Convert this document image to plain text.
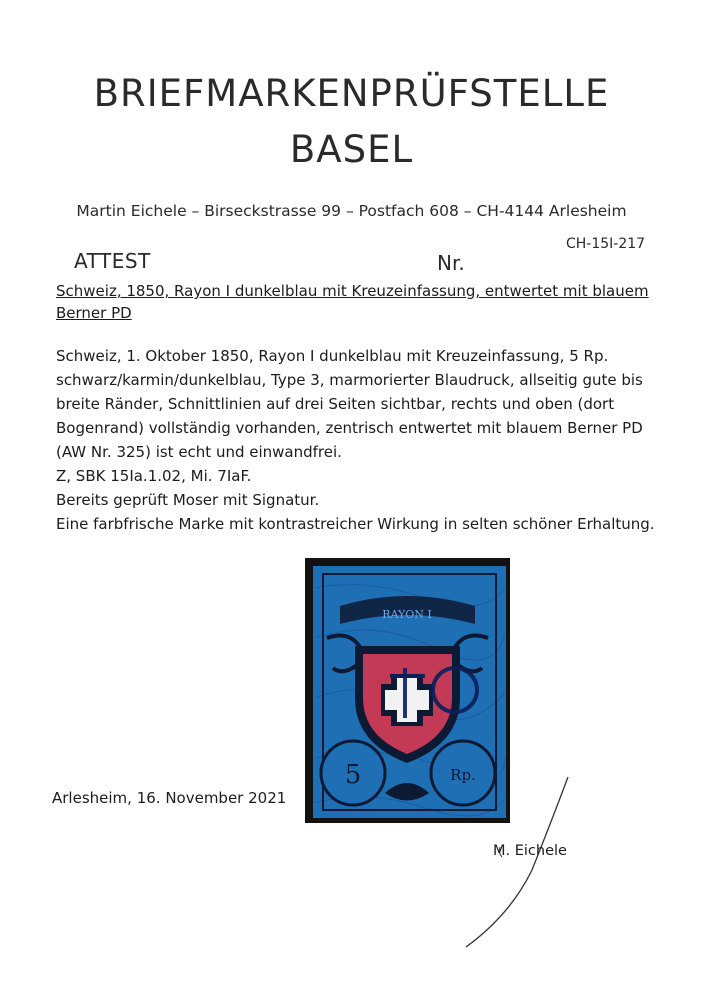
BRIEFMARKENPRÜFSTELLE
BASEL
Martin Eichele – Birseckstrasse 99 – Postfach 608 – CH-4144 Arlesheim
ATTEST	Nr.
CH-15I-217
Schweiz, 1850, Rayon I dunkelblau mit Kreuzeinfassung, entwertet mit blauem Berner PD

Schweiz, 1. Oktober 1850, Rayon I dunkelblau mit Kreuzeinfassung, 5 Rp. schwarz/karmin/dunkelblau, Type 3, marmorierter Blaudruck, allseitig gute bis breite Ränder, Schnittlinien auf drei Seiten sichtbar, rechts und oben (dort Bogenrand) vollständig vorhanden, zentrisch entwertet mit blauem Berner PD (AW Nr. 325) ist echt und einwandfrei.

Z, SBK 15Ia.1.02, Mi. 7IaF.

Bereits geprüft Moser mit Signatur.

Eine farbfrische Marke mit kontrastreicher Wirkung in selten schöner Erhaltung.

RAYON I
5	Rp.
Arlesheim, 16. November 2021
M. Eichele
